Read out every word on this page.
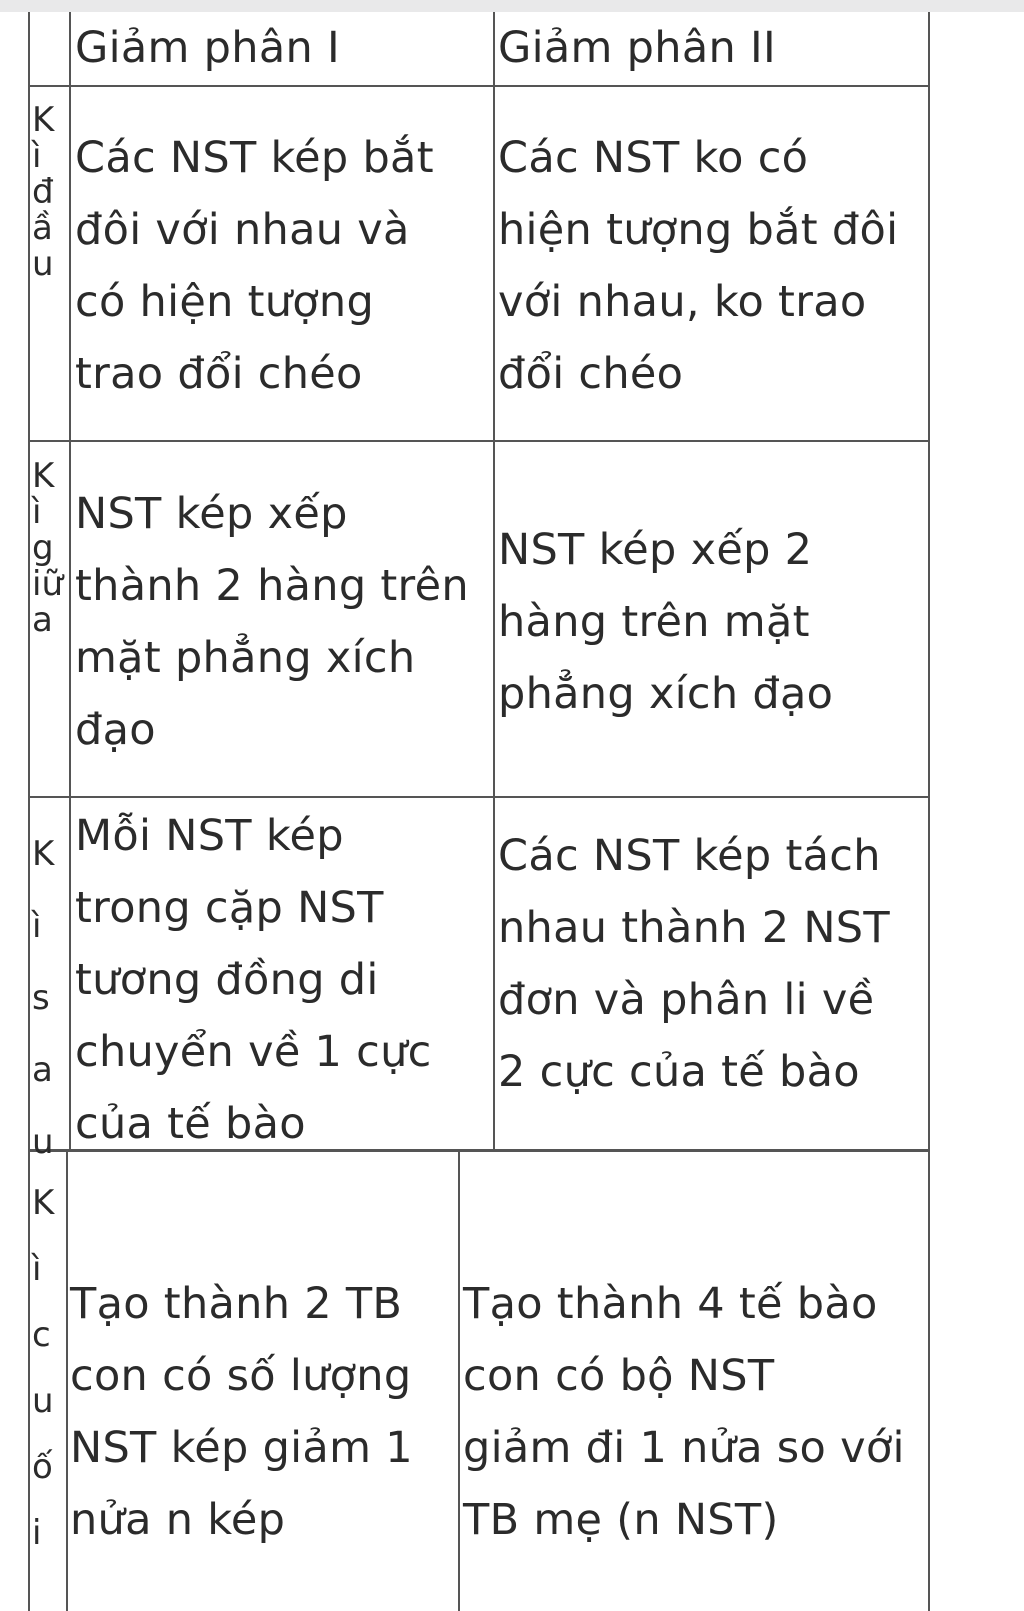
Giảm phân I	Giảm phân II
K
ì
đ
ầ
u
Các NST kép bắt
đôi với nhau và
có hiện tượng
trao đổi chéo
Các NST ko có
hiện tượng bắt đôi
với nhau, ko trao
đổi chéo
K
ì
g
iữ
a
NST kép xếp
thành 2 hàng trên
mặt phẳng xích
đạo
NST kép xếp 2
hàng trên mặt
phẳng xích đạo
K
ì
s
a
u
Mỗi NST kép
trong cặp NST
tương đồng di
chuyển về 1 cực
của tế bào
Các NST kép tách
nhau thành 2 NST
đơn và phân li về
2 cực của tế bào
K
ì
c
u
ố
i
Tạo thành 2 TB
con có số lượng
NST kép giảm 1
nửa n kép
Tạo thành 4 tế bào
con có bộ NST
giảm đi 1 nửa so với
TB mẹ (n NST)
